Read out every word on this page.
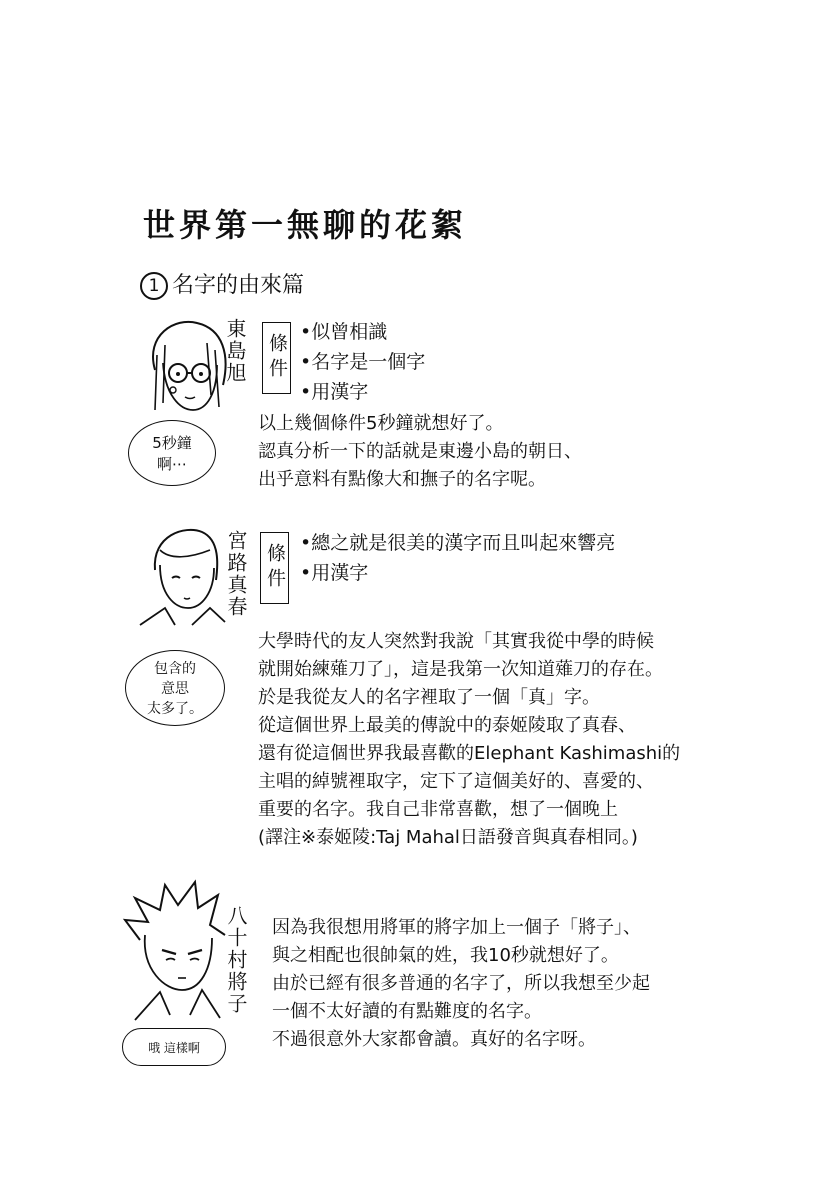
世界第一無聊的花絮
1 名字的由來篇
東島旭 條件
•似曾相識
•名字是一個字
•用漢字
5秒鐘
啊⋯
以上幾個條件5秒鐘就想好了。
認真分析一下的話就是東邊小島的朝日、
出乎意料有點像大和撫子的名字呢。
宮路真春 條件 •總之就是很美的漢字而且叫起來響亮
•用漢字
包含的
意思
太多了。
大學時代的友人突然對我說「其實我從中學的時候
就開始練薙刀了」，這是我第一次知道薙刀的存在。
於是我從友人的名字裡取了一個「真」字。
從這個世界上最美的傳說中的泰姬陵取了真春、
還有從這個世界我最喜歡的Elephant Kashimashi的
主唱的綽號裡取字，定下了這個美好的、喜愛的、
重要的名字。我自己非常喜歡，想了一個晚上
(譯注※泰姬陵:Taj Mahal日語發音與真春相同。)
八十村將子
哦 這樣啊
因為我很想用將軍的將字加上一個子「將子」、
與之相配也很帥氣的姓，我10秒就想好了。
由於已經有很多普通的名字了，所以我想至少起
一個不太好讀的有點難度的名字。
不過很意外大家都會讀。真好的名字呀。
